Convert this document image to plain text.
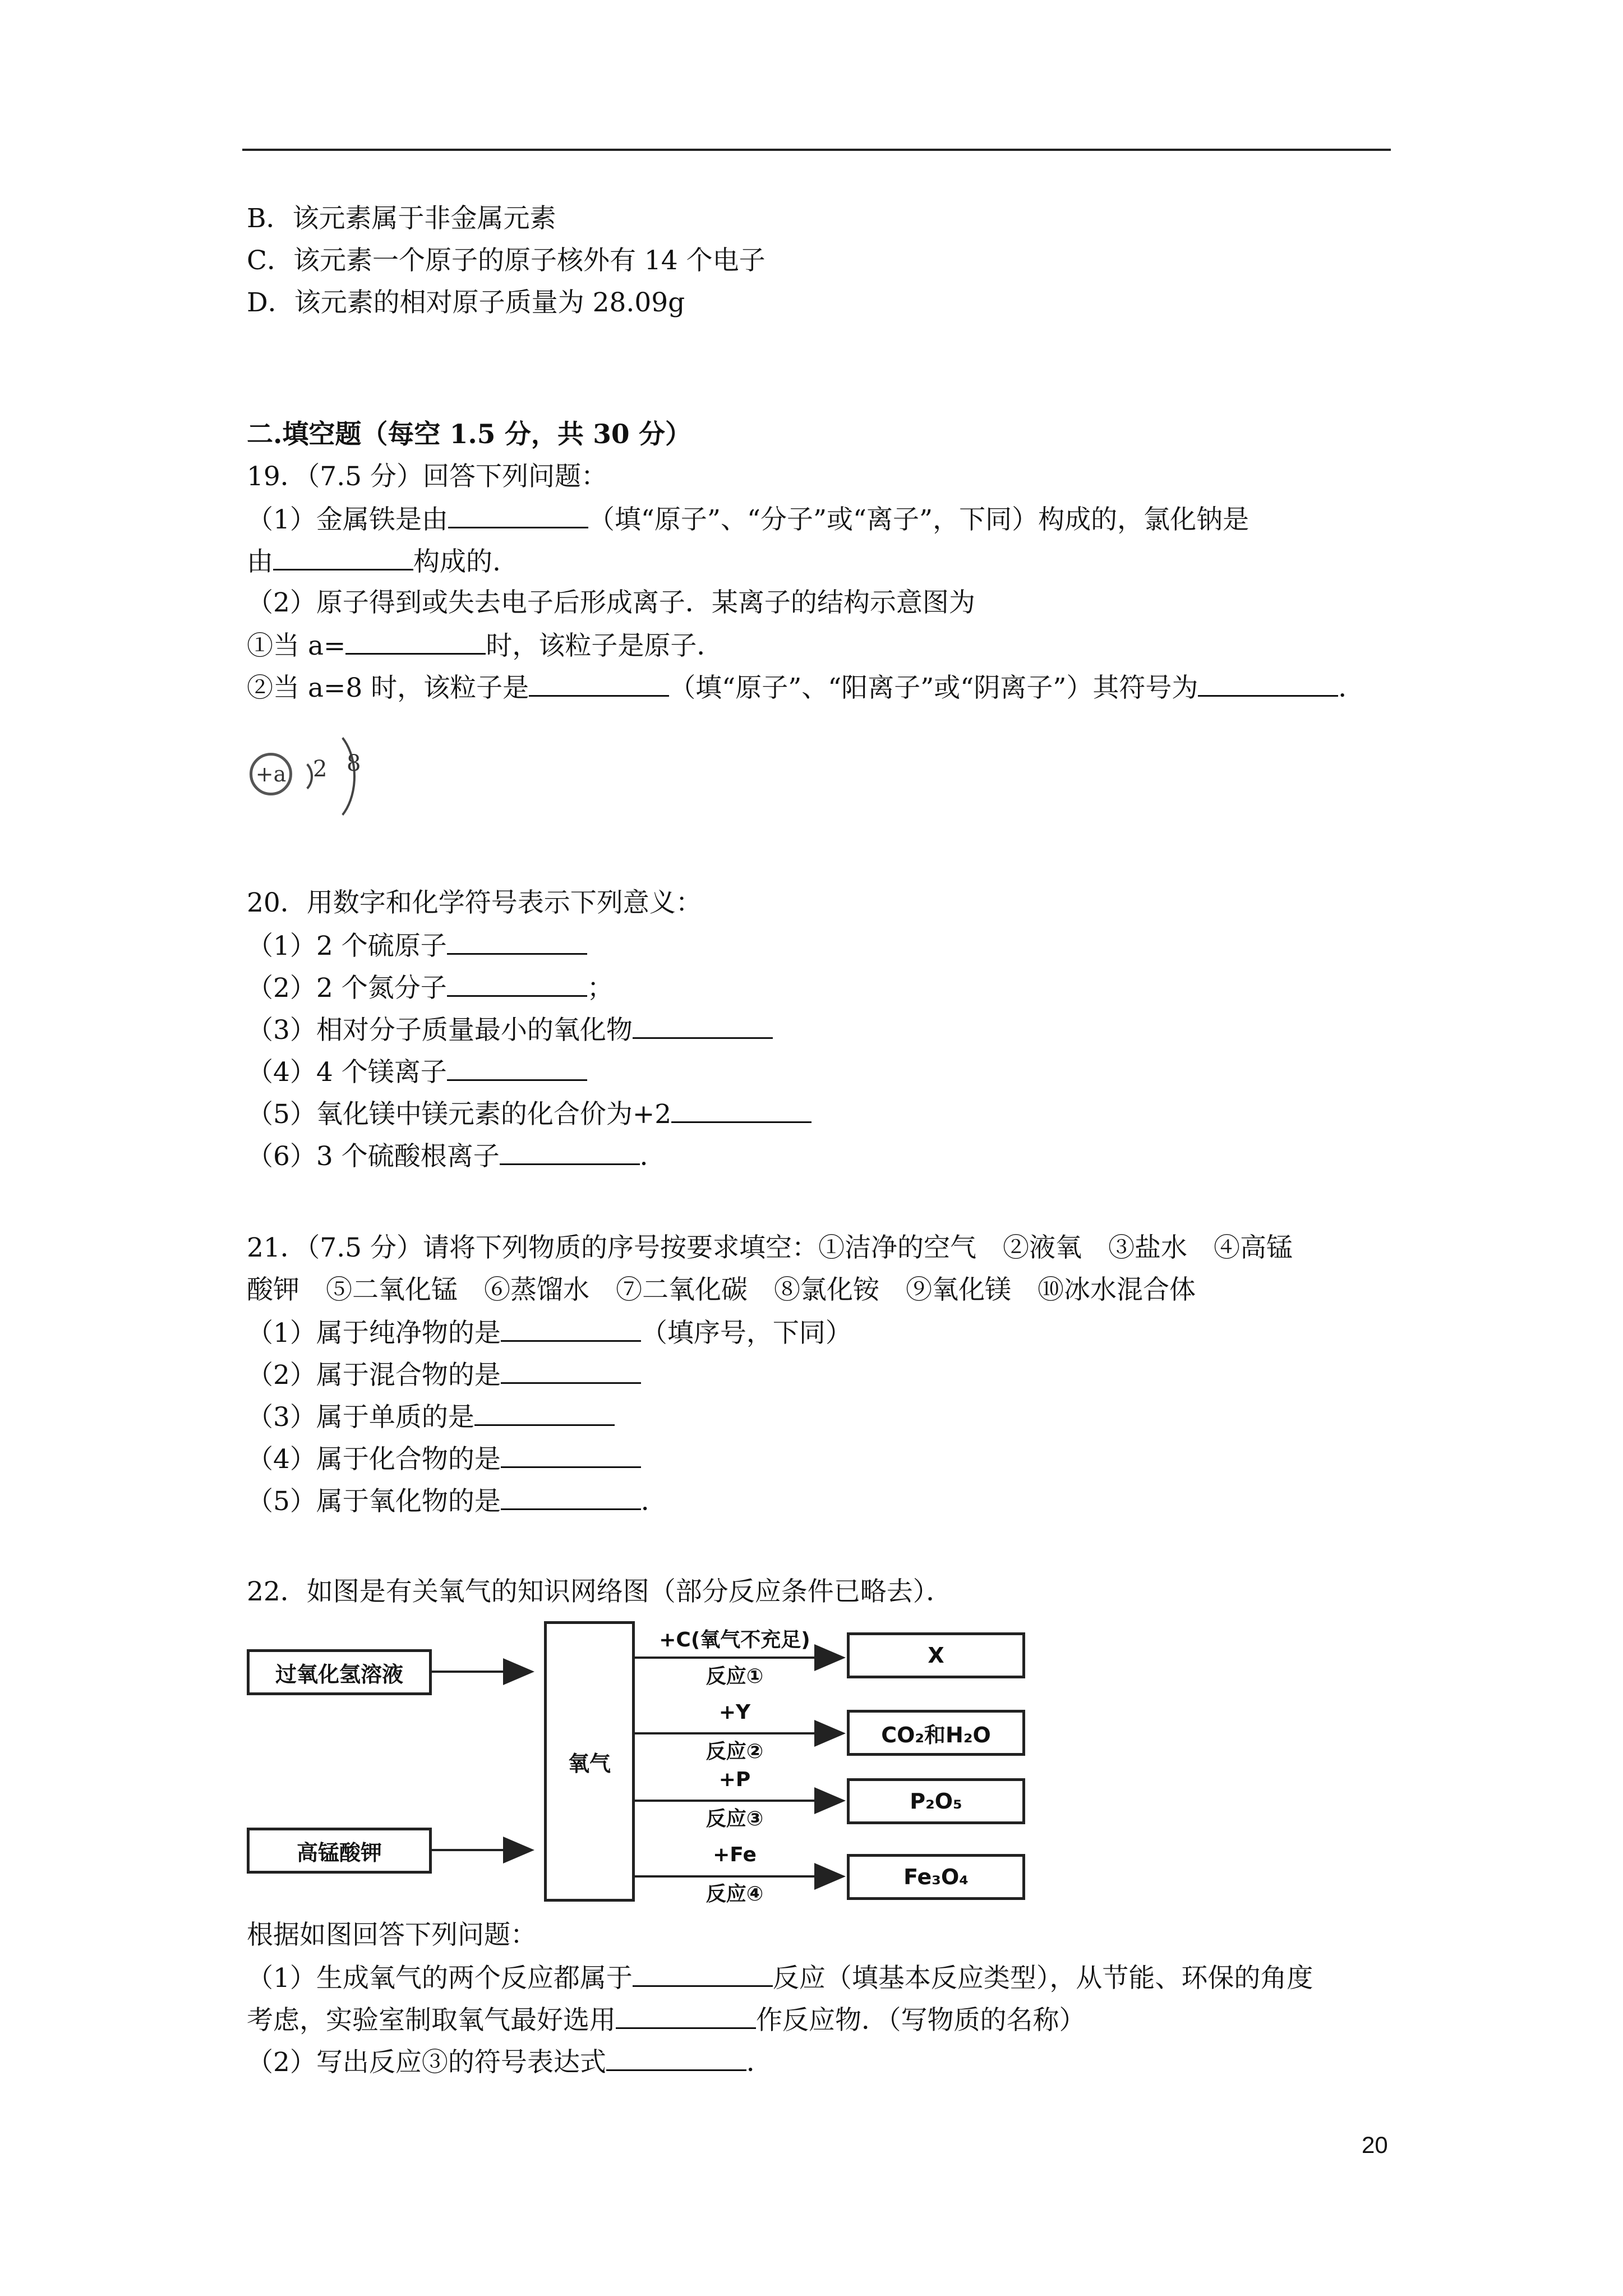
B．该元素属于非金属元素
C．该元素一个原子的原子核外有 14 个电子
D．该元素的相对原子质量为 28.09g
二.填空题（每空 1.5 分，共 30 分）
19．（7.5 分）回答下列问题：
（1）金属铁是由	（填“原子”、“分子”或“离子”，下同）构成的，氯化钠是
由	构成的.
（2）原子得到或失去电子后形成离子．某离子的结构示意图为
①当 a=	时，该粒子是原子．
②当 a=8 时，该粒子是	（填“原子”、“阳离子”或“阴离子”）其符号为	．
+a 2 8
20．用数字和化学符号表示下列意义：
（1）2 个硫原子
（2）2 个氮分子	；
（3）相对分子质量最小的氧化物
（4）4 个镁离子
（5）氧化镁中镁元素的化合价为+2
（6）3 个硫酸根离子	．
21．（7.5 分）请将下列物质的序号按要求填空：①洁净的空气　②液氧　③盐水　④高锰
酸钾　⑤二氧化锰　⑥蒸馏水　⑦二氧化碳　⑧氯化铵　⑨氧化镁　⑩冰水混合体
（1）属于纯净物的是	（填序号，下同）
（2）属于混合物的是
（3）属于单质的是
（4）属于化合物的是
（5）属于氧化物的是	．
22．如图是有关氧气的知识网络图（部分反应条件已略去）．
过氧化氢溶液
高锰酸钾
氧气
+C(氧气不充足)
反应①
X
+Y
反应②
CO₂和H₂O
+P
反应③
P₂O₅
+Fe
反应④
Fe₃O₄
根据如图回答下列问题：
（1）生成氧气的两个反应都属于	反应（填基本反应类型），从节能、环保的角度
考虑，实验室制取氧气最好选用	作反应物．（写物质的名称）
（2）写出反应③的符号表达式	．
20
